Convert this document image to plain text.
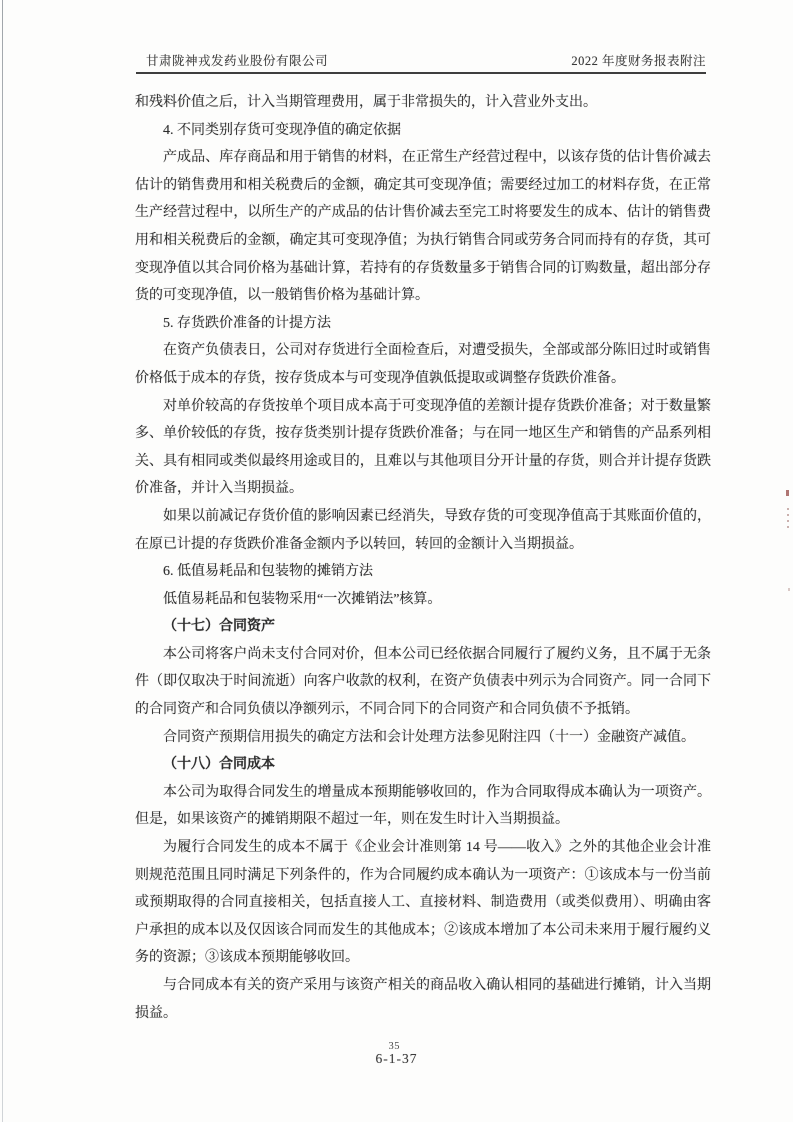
甘肃陇神戎发药业股份有限公司	2022 年度财务报表附注

和残料价值之后，计入当期管理费用，属于非常损失的，计入营业外支出。

4. 不同类别存货可变现净值的确定依据

产成品、库存商品和用于销售的材料，在正常生产经营过程中，以该存货的估计售价减去估计的销售费用和相关税费后的金额，确定其可变现净值；需要经过加工的材料存货，在正常生产经营过程中，以所生产的产成品的估计售价减去至完工时将要发生的成本、估计的销售费用和相关税费后的金额，确定其可变现净值；为执行销售合同或劳务合同而持有的存货，其可变现净值以其合同价格为基础计算，若持有的存货数量多于销售合同的订购数量，超出部分存货的可变现净值，以一般销售价格为基础计算。

5. 存货跌价准备的计提方法

在资产负债表日，公司对存货进行全面检查后，对遭受损失，全部或部分陈旧过时或销售价格低于成本的存货，按存货成本与可变现净值孰低提取或调整存货跌价准备。

对单价较高的存货按单个项目成本高于可变现净值的差额计提存货跌价准备；对于数量繁多、单价较低的存货，按存货类别计提存货跌价准备；与在同一地区生产和销售的产品系列相关、具有相同或类似最终用途或目的，且难以与其他项目分开计量的存货，则合并计提存货跌价准备，并计入当期损益。

如果以前减记存货价值的影响因素已经消失，导致存货的可变现净值高于其账面价值的，在原已计提的存货跌价准备金额内予以转回，转回的金额计入当期损益。

6. 低值易耗品和包装物的摊销方法

低值易耗品和包装物采用“一次摊销法”核算。

（十七）合同资产

本公司将客户尚未支付合同对价，但本公司已经依据合同履行了履约义务，且不属于无条件（即仅取决于时间流逝）向客户收款的权利，在资产负债表中列示为合同资产。同一合同下的合同资产和合同负债以净额列示，不同合同下的合同资产和合同负债不予抵销。

合同资产预期信用损失的确定方法和会计处理方法参见附注四（十一）金融资产减值。

（十八）合同成本

本公司为取得合同发生的增量成本预期能够收回的，作为合同取得成本确认为一项资产。但是，如果该资产的摊销期限不超过一年，则在发生时计入当期损益。

为履行合同发生的成本不属于《企业会计准则第 14 号——收入》之外的其他企业会计准则规范范围且同时满足下列条件的，作为合同履约成本确认为一项资产：①该成本与一份当前或预期取得的合同直接相关，包括直接人工、直接材料、制造费用（或类似费用）、明确由客户承担的成本以及仅因该合同而发生的其他成本；②该成本增加了本公司未来用于履行履约义务的资源；③该成本预期能够收回。

与合同成本有关的资产采用与该资产相关的商品收入确认相同的基础进行摊销，计入当期损益。

35
6-1-37
